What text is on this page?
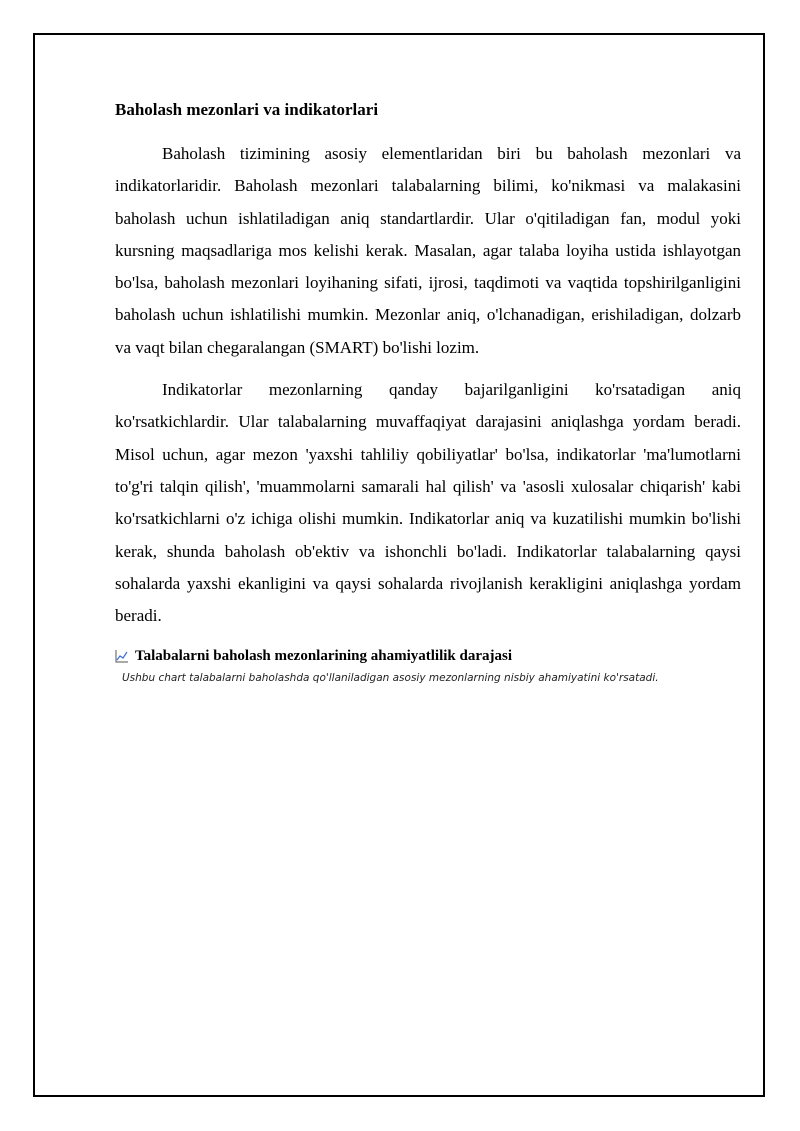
Baholash mezonlari va indikatorlari

Baholash tizimining asosiy elementlaridan biri bu baholash mezonlari va indikatorlaridir. Baholash mezonlari talabalarning bilimi, ko'nikmasi va malakasini baholash uchun ishlatiladigan aniq standartlardir. Ular o'qitiladigan fan, modul yoki kursning maqsadlariga mos kelishi kerak. Masalan, agar talaba loyiha ustida ishlayotgan bo'lsa, baholash mezonlari loyihaning sifati, ijrosi, taqdimoti va vaqtida topshirilganligini baholash uchun ishlatilishi mumkin. Mezonlar aniq, o'lchanadigan, erishiladigan, dolzarb va vaqt bilan chegaralangan (SMART) bo'lishi lozim.

Indikatorlar mezonlarning qanday bajarilganligini ko'rsatadigan aniq ko'rsatkichlardir. Ular talabalarning muvaffaqiyat darajasini aniqlashga yordam beradi. Misol uchun, agar mezon 'yaxshi tahliliy qobiliyatlar' bo'lsa, indikatorlar 'ma'lumotlarni to'g'ri talqin qilish', 'muammolarni samarali hal qilish' va 'asosli xulosalar chiqarish' kabi ko'rsatkichlarni o'z ichiga olishi mumkin. Indikatorlar aniq va kuzatilishi mumkin bo'lishi kerak, shunda baholash ob'ektiv va ishonchli bo'ladi. Indikatorlar talabalarning qaysi sohalarda yaxshi ekanligini va qaysi sohalarda rivojlanish kerakligini aniqlashga yordam beradi.

Talabalarni baholash mezonlarining ahamiyatlilik darajasi
Ushbu chart talabalarni baholashda qo'llaniladigan asosiy mezonlarning nisbiy ahamiyatini ko'rsatadi.
